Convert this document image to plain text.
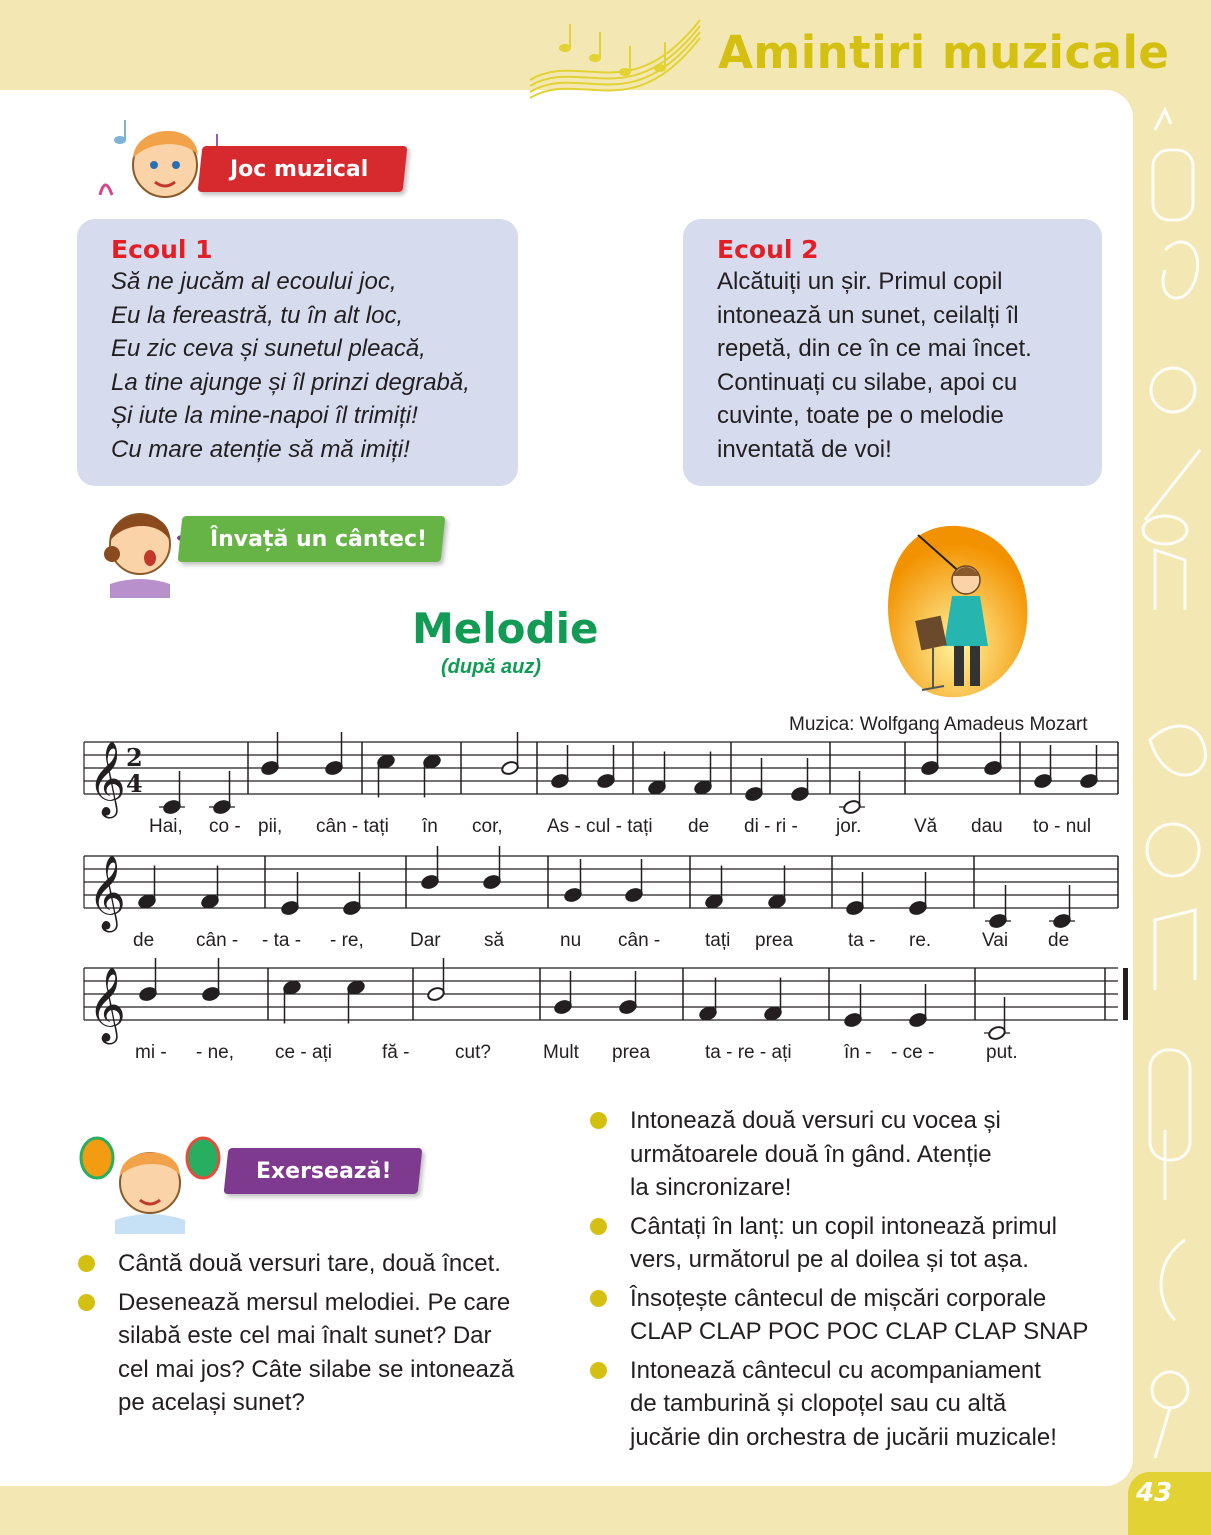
Amintiri muzicale
43
Joc muzical
Învață un cântec!
Exersează!
Ecoul 1
Să ne jucăm al ecoului joc,
Eu la fereastră, tu în alt loc,
Eu zic ceva și sunetul pleacă,
La tine ajunge și îl prinzi degrabă,
Și iute la mine-napoi îl trimiți!
Cu mare atenție să mă imiți!
Ecoul 2
Alcătuiți un șir. Primul copil
intonează un sunet, ceilalți îl
repetă, din ce în ce mai încet.
Continuați cu silabe, apoi cu
cuvinte, toate pe o melodie
inventată de voi!
Melodie
(după auz)
Muzica: Wolfgang Amadeus Mozart
𝄞 2
4
𝄞
𝄞
Hai, co - pii, cân - tați în cor, As - cul - tați de di - ri - jor.	Vă dau to - nul
de cân - - ta - - re, Dar să	nu cân - tați prea	ta - re.	Vai de
mi - - ne, ce - ați	fă - cut?	Mult prea	ta - re - ați	în - - ce -	put.
Cântă două versuri tare, două încet.
Desenează mersul melodiei. Pe care
silabă este cel mai înalt sunet? Dar
cel mai jos? Câte silabe se intonează
pe același sunet?
Intonează două versuri cu vocea și
următoarele două în gând. Atenție
la sincronizare!
Cântați în lanț: un copil intonează primul
vers, următorul pe al doilea și tot așa.
Însoțește cântecul de mișcări corporale
CLAP CLAP POC POC CLAP CLAP SNAP
Intonează cântecul cu acompaniament
de tamburină și clopoțel sau cu altă
jucărie din orchestra de jucării muzicale!
